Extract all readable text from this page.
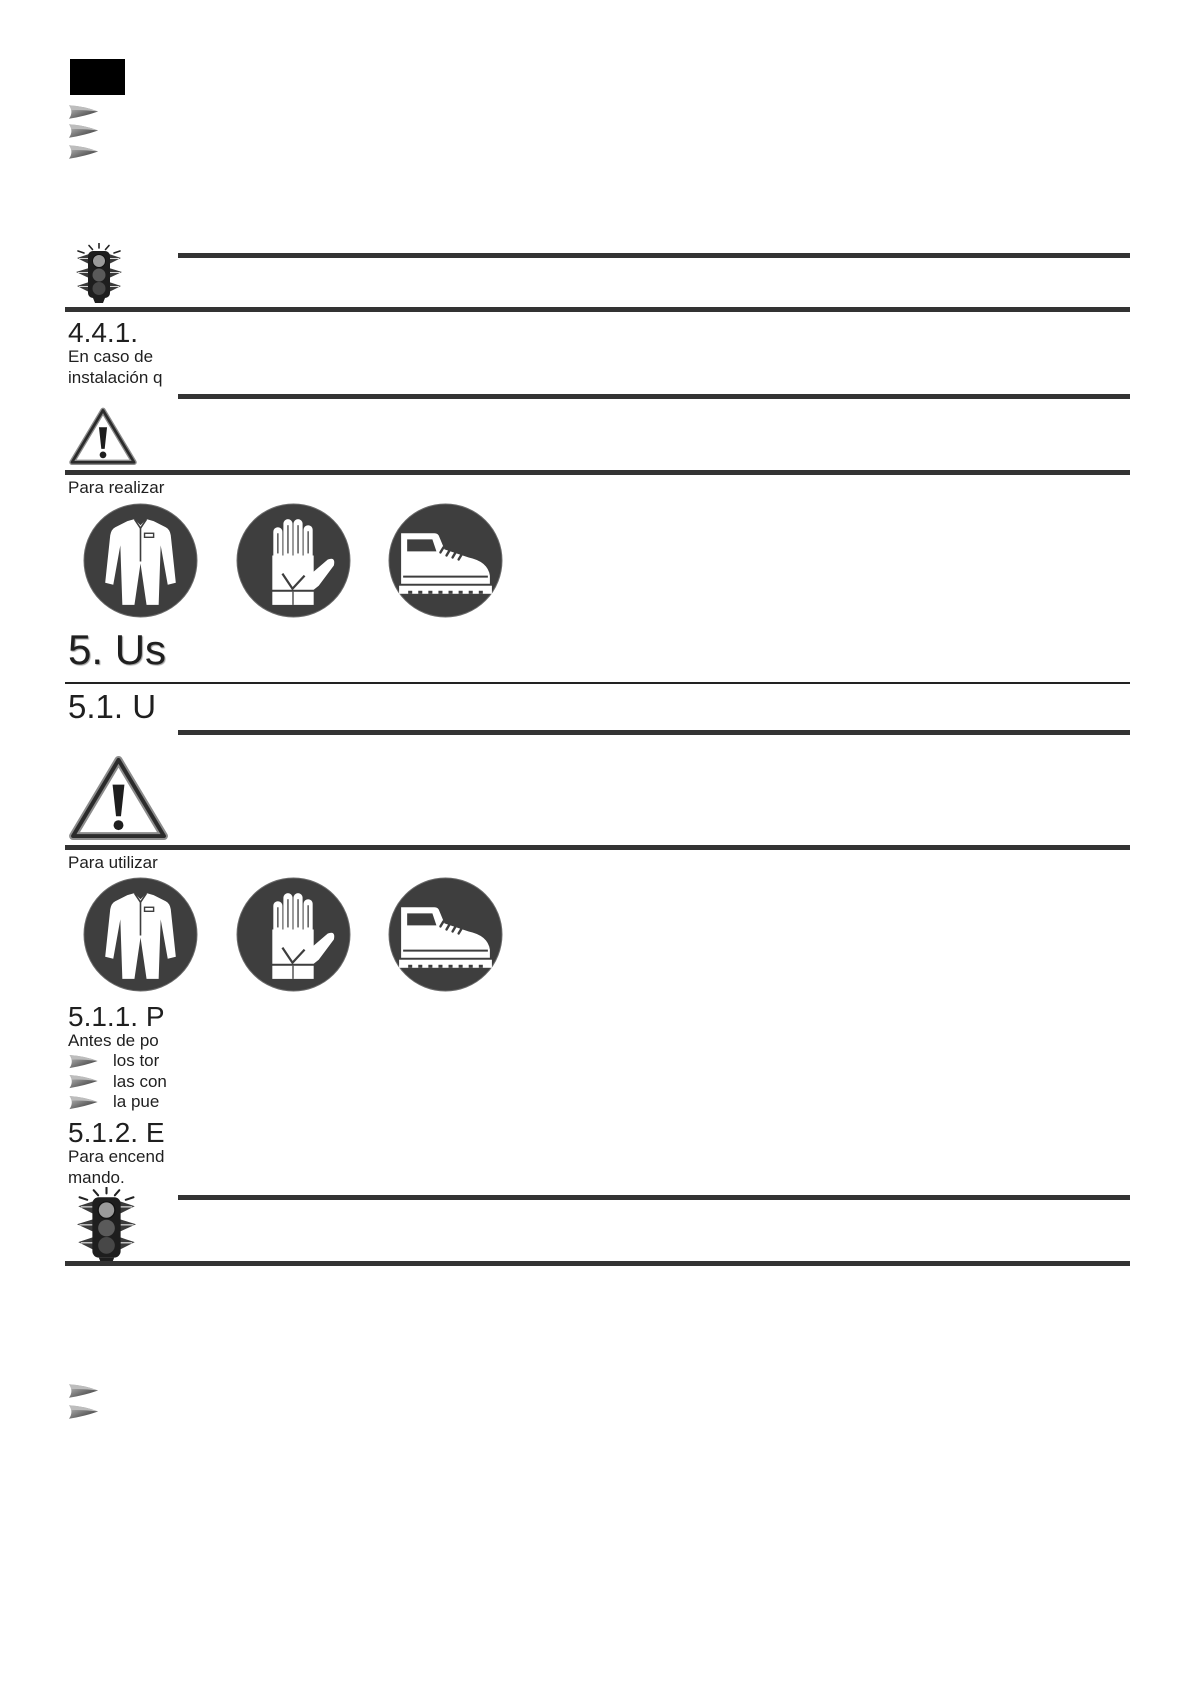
4.4.1.
En caso de
instalación q
Para realizar
5. Us
5.1. U
Para utilizar
5.1.1. P
Antes de po
los tor
las con
la pue
5.1.2. E
Para encend
mando.
